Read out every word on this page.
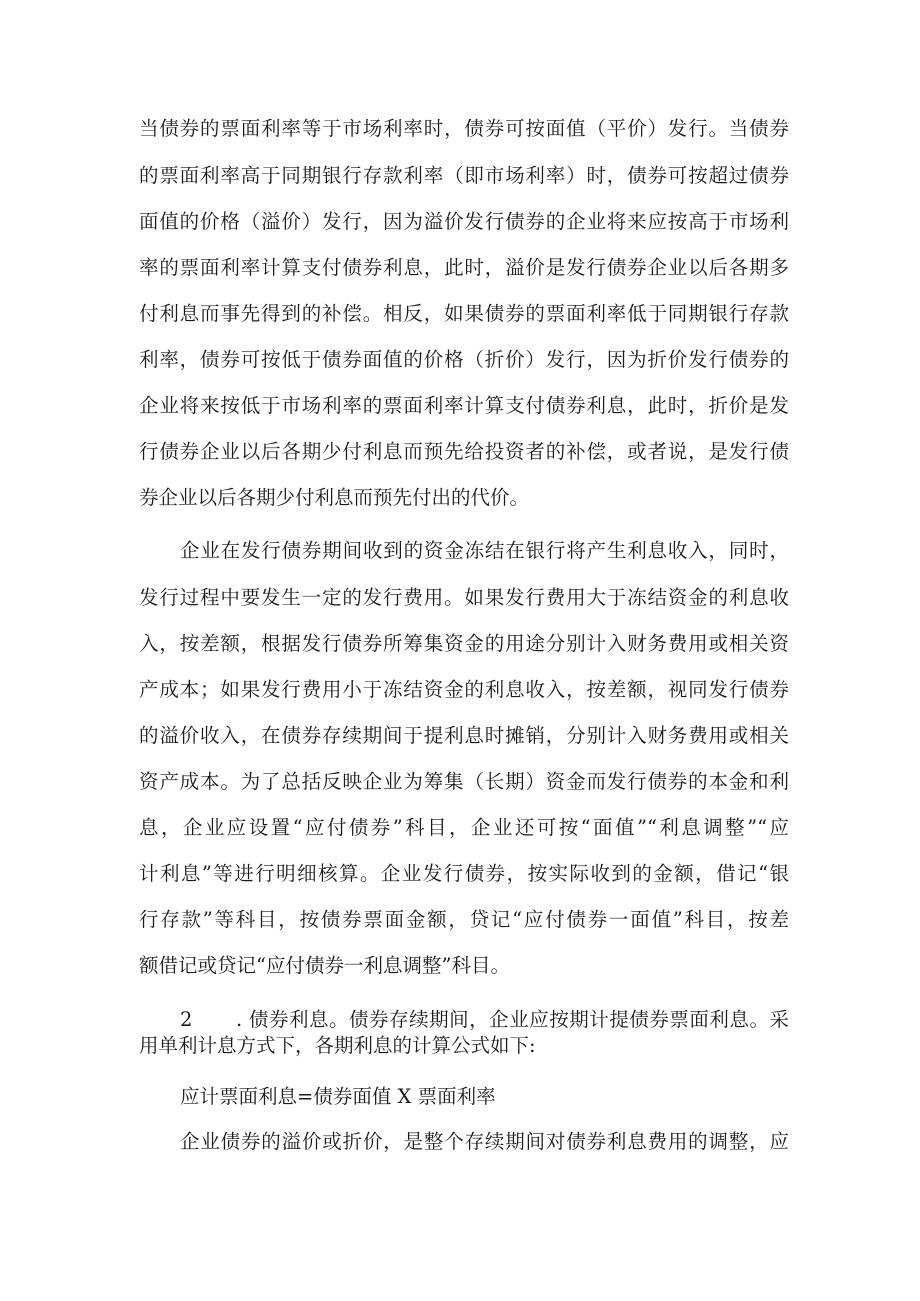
当债券的票面利率等于市场利率时，债券可按面值（平价）发行。当债券
的票面利率高于同期银行存款利率（即市场利率）时，债券可按超过债券
面值的价格（溢价）发行，因为溢价发行债券的企业将来应按高于市场利
率的票面利率计算支付债券利息，此时，溢价是发行债券企业以后各期多
付利息而事先得到的补偿。相反，如果债券的票面利率低于同期银行存款
利率，债券可按低于债券面值的价格（折价）发行，因为折价发行债券的
企业将来按低于市场利率的票面利率计算支付债券利息，此时，折价是发
行债券企业以后各期少付利息而预先给投资者的补偿，或者说，是发行债
券企业以后各期少付利息而预先付出的代价。
企业在发行债券期间收到的资金冻结在银行将产生利息收入，同时，
发行过程中要发生一定的发行费用。如果发行费用大于冻结资金的利息收
入，按差额，根据发行债券所筹集资金的用途分别计入财务费用或相关资
产成本；如果发行费用小于冻结资金的利息收入，按差额，视同发行债券
的溢价收入，在债券存续期间于提利息时摊销，分别计入财务费用或相关
资产成本。为了总括反映企业为筹集（长期）资金而发行债券的本金和利
息，企业应设置“应付债券”科目，企业还可按“面值”“利息调整”“应
计利息”等进行明细核算。企业发行债券，按实际收到的金额，借记“银
行存款”等科目，按债券票面金额，贷记“应付债券一面值”科目，按差
额借记或贷记“应付债券一利息调整”科目。
2 . 债券利息。债券存续期间，企业应按期计提债券票面利息。采
用单利计息方式下，各期利息的计算公式如下:
应计票面利息=债券面值 X 票面利率
企业债券的溢价或折价，是整个存续期间对债券利息费用的调整，应
